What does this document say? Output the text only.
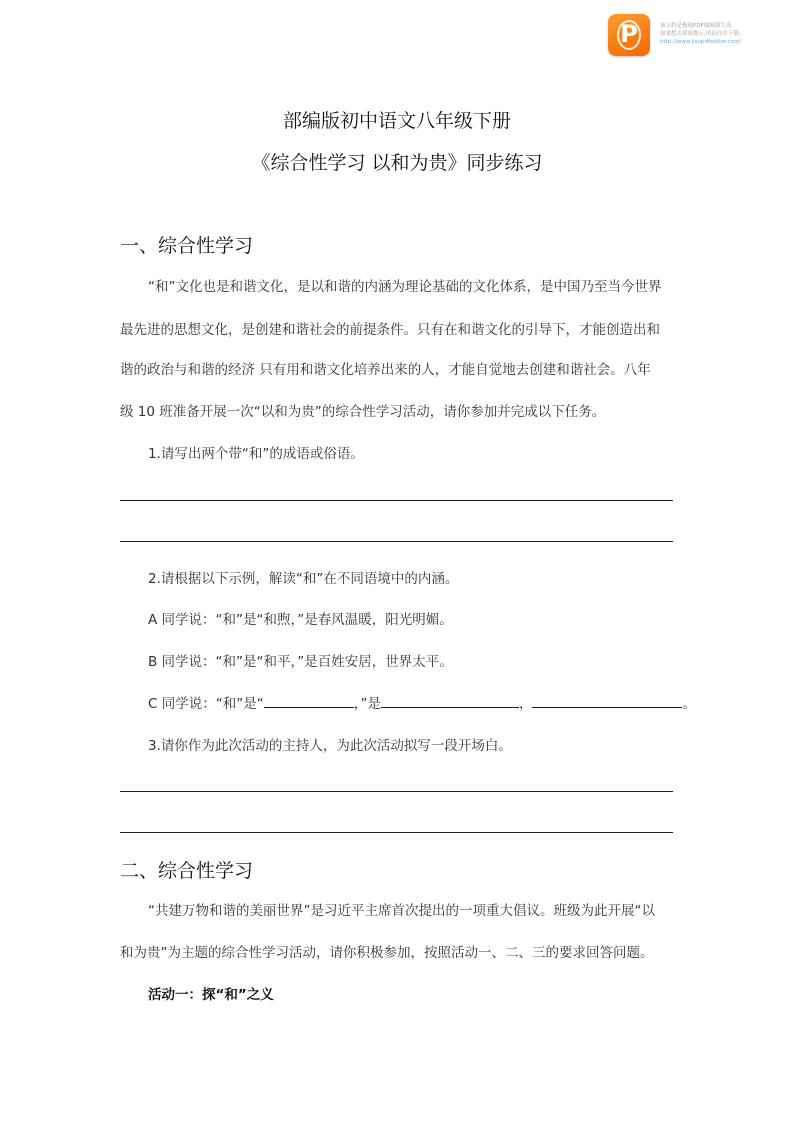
P	该文档是极速PDF编辑器生成,
如果想去掉该提示,请访问并下载:
http://www.jisupdfeditor.com/
部编版初中语文八年级下册
《综合性学习 以和为贵》同步练习
一、综合性学习
“和”文化也是和谐文化，是以和谐的内涵为理论基础的文化体系，是中国乃至当今世界
最先进的思想文化，是创建和谐社会的前提条件。只有在和谐文化的引导下，才能创造出和
谐的政治与和谐的经济 只有用和谐文化培养出来的人，才能自觉地去创建和谐社会。八年
级 10 班准备开展一次“以和为贵”的综合性学习活动，请你参加并完成以下任务。
1.请写出两个带“和”的成语或俗语。
2.请根据以下示例，解读“和”在不同语境中的内涵。
A 同学说：“和”是“和煦，”是春风温暖，阳光明媚。
B 同学说：“和”是“和平，”是百姓安居，世界太平。
C 同学说：“和”是“	，”是	，	。
3.请你作为此次活动的主持人，为此次活动拟写一段开场白。
二、综合性学习
“共建万物和谐的美丽世界”是习近平主席首次提出的一项重大倡议。班级为此开展“以
和为贵”为主题的综合性学习活动，请你积极参加，按照活动一、二、三的要求回答问题。
活动一：探“和”之义
